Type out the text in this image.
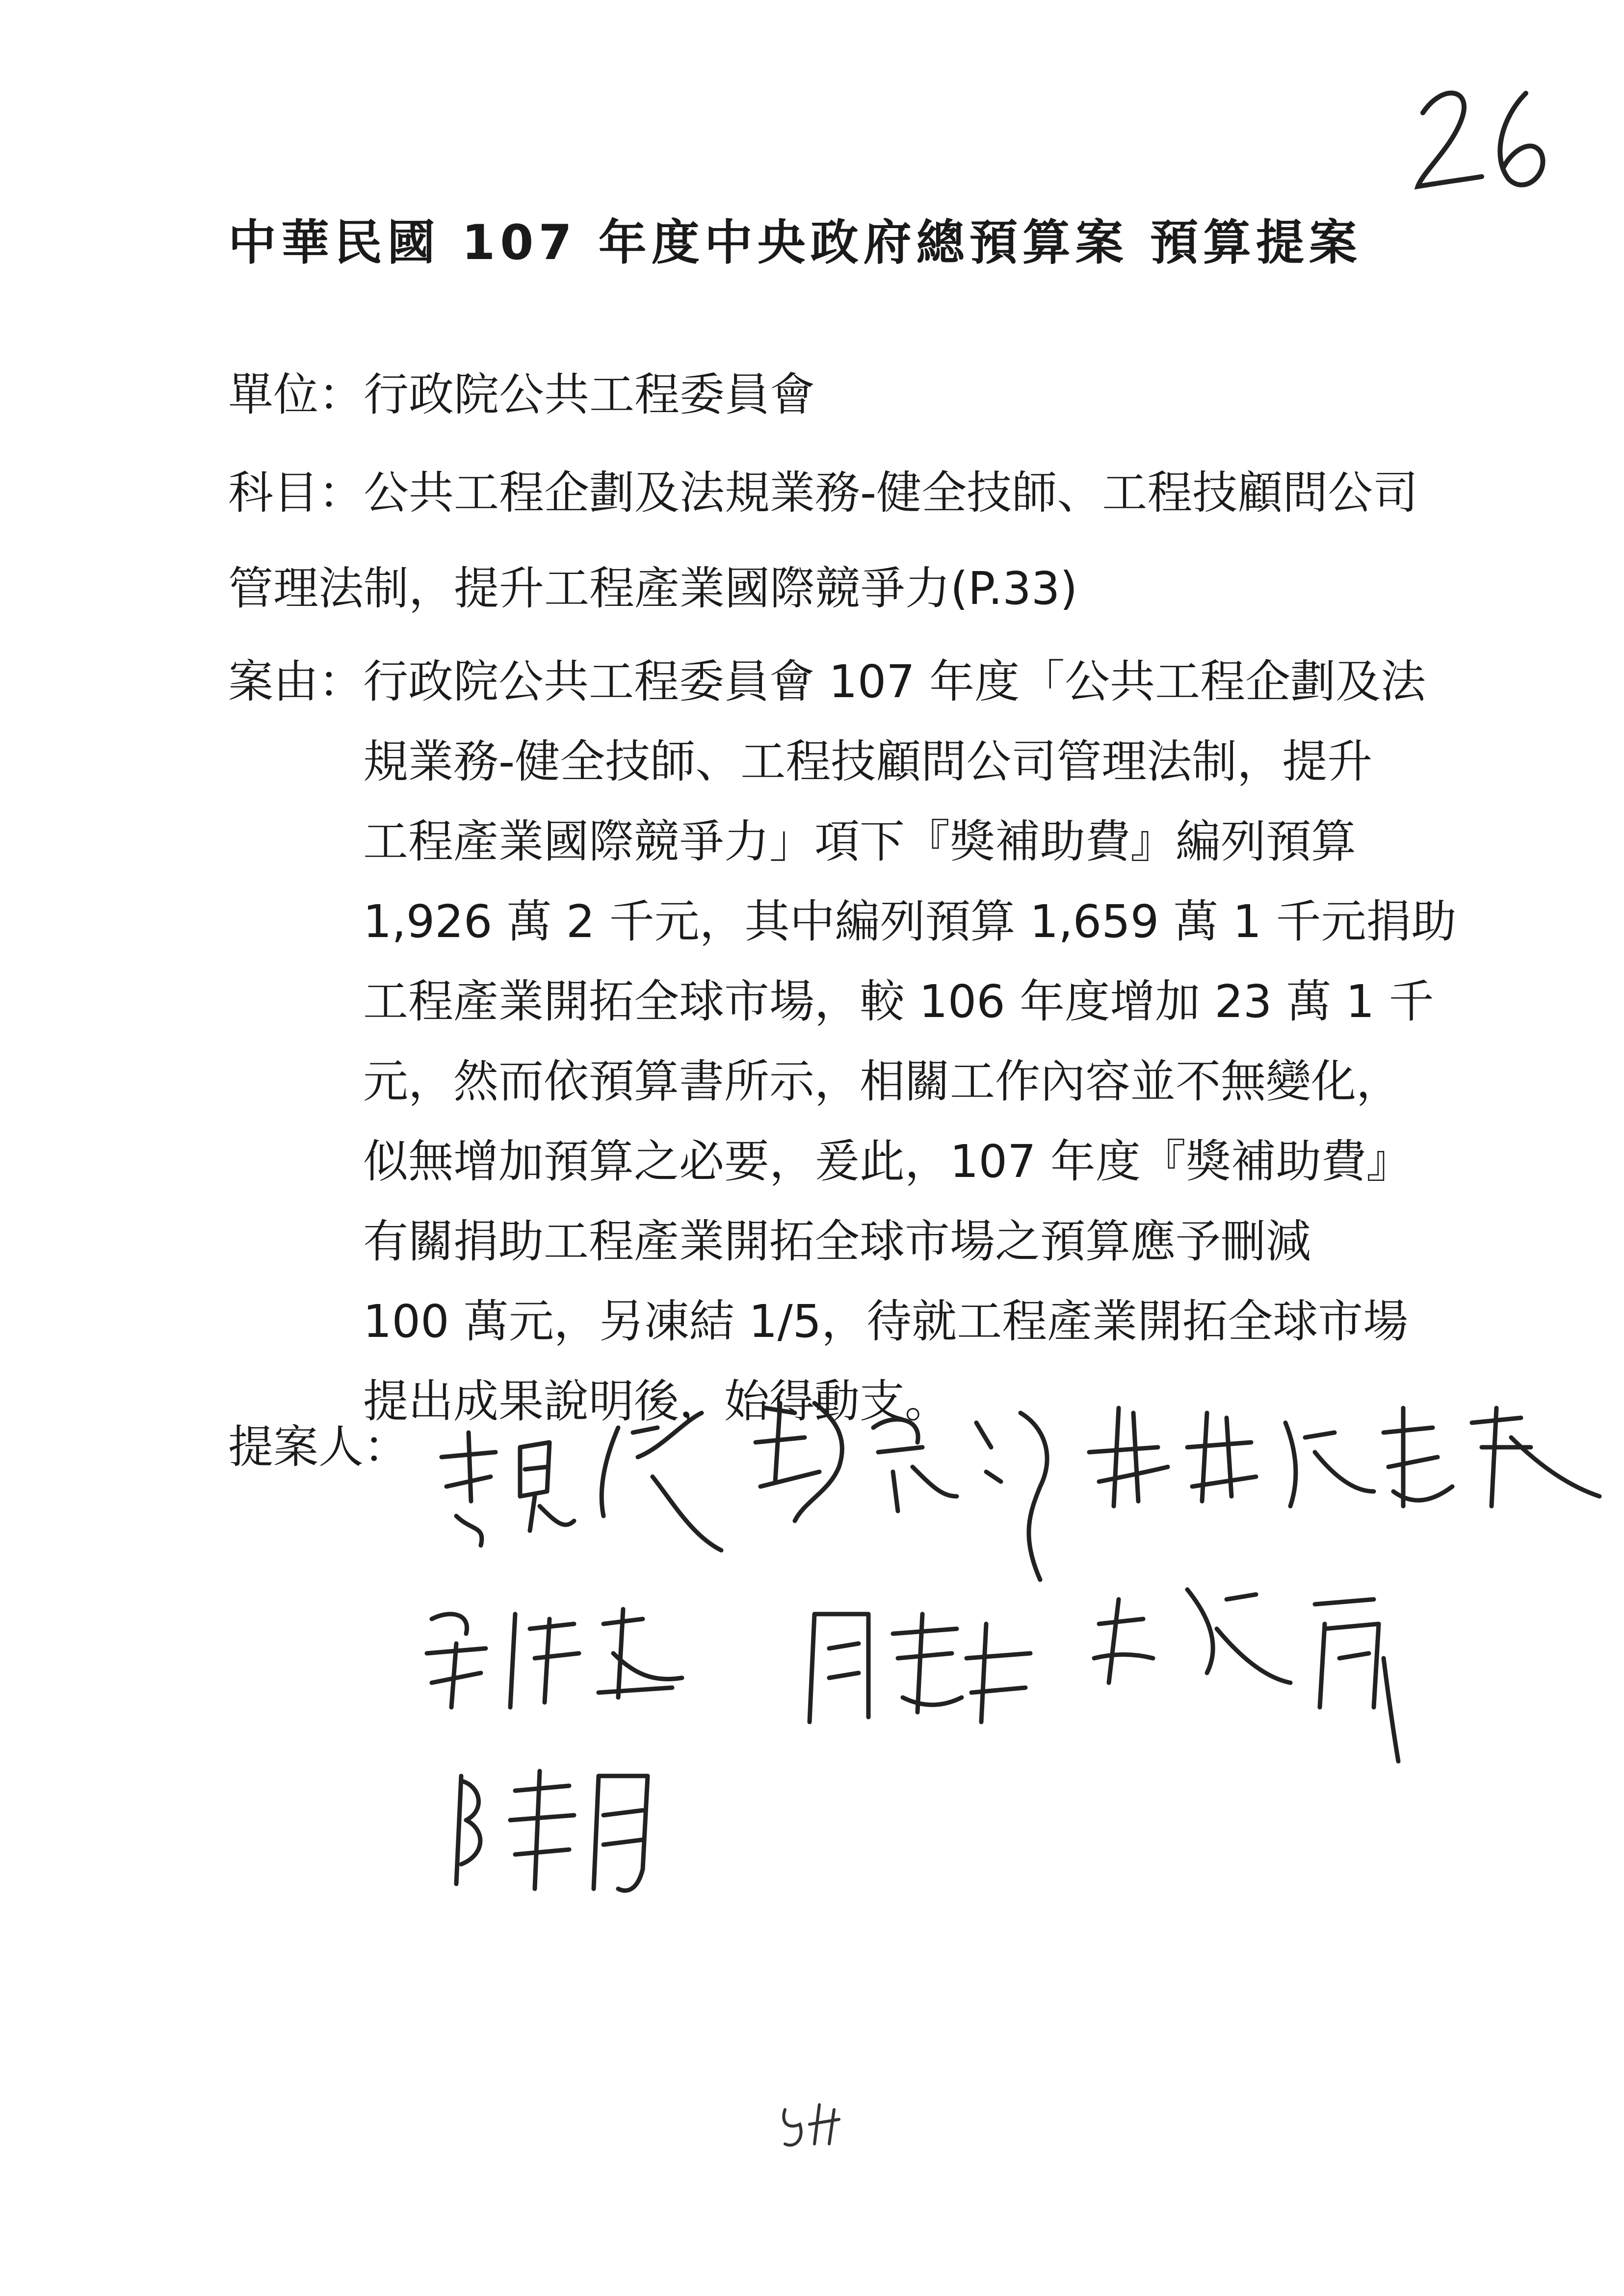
中華民國 107 年度中央政府總預算案 預算提案
單位：行政院公共工程委員會
科目：公共工程企劃及法規業務-健全技師、工程技顧問公司
管理法制，提升工程產業國際競爭力(P.33)
案由：
行政院公共工程委員會 107 年度「公共工程企劃及法
規業務-健全技師、工程技顧問公司管理法制，提升
工程產業國際競爭力」項下『獎補助費』編列預算
1,926 萬 2 千元，其中編列預算 1,659 萬 1 千元捐助
工程產業開拓全球市場，較 106 年度增加 23 萬 1 千
元，然而依預算書所示，相關工作內容並不無變化，
似無增加預算之必要，爰此，107 年度『獎補助費』
有關捐助工程產業開拓全球市場之預算應予刪減
100 萬元，另凍結 1/5，待就工程產業開拓全球市場
提出成果說明後，始得動支。
提案人：
